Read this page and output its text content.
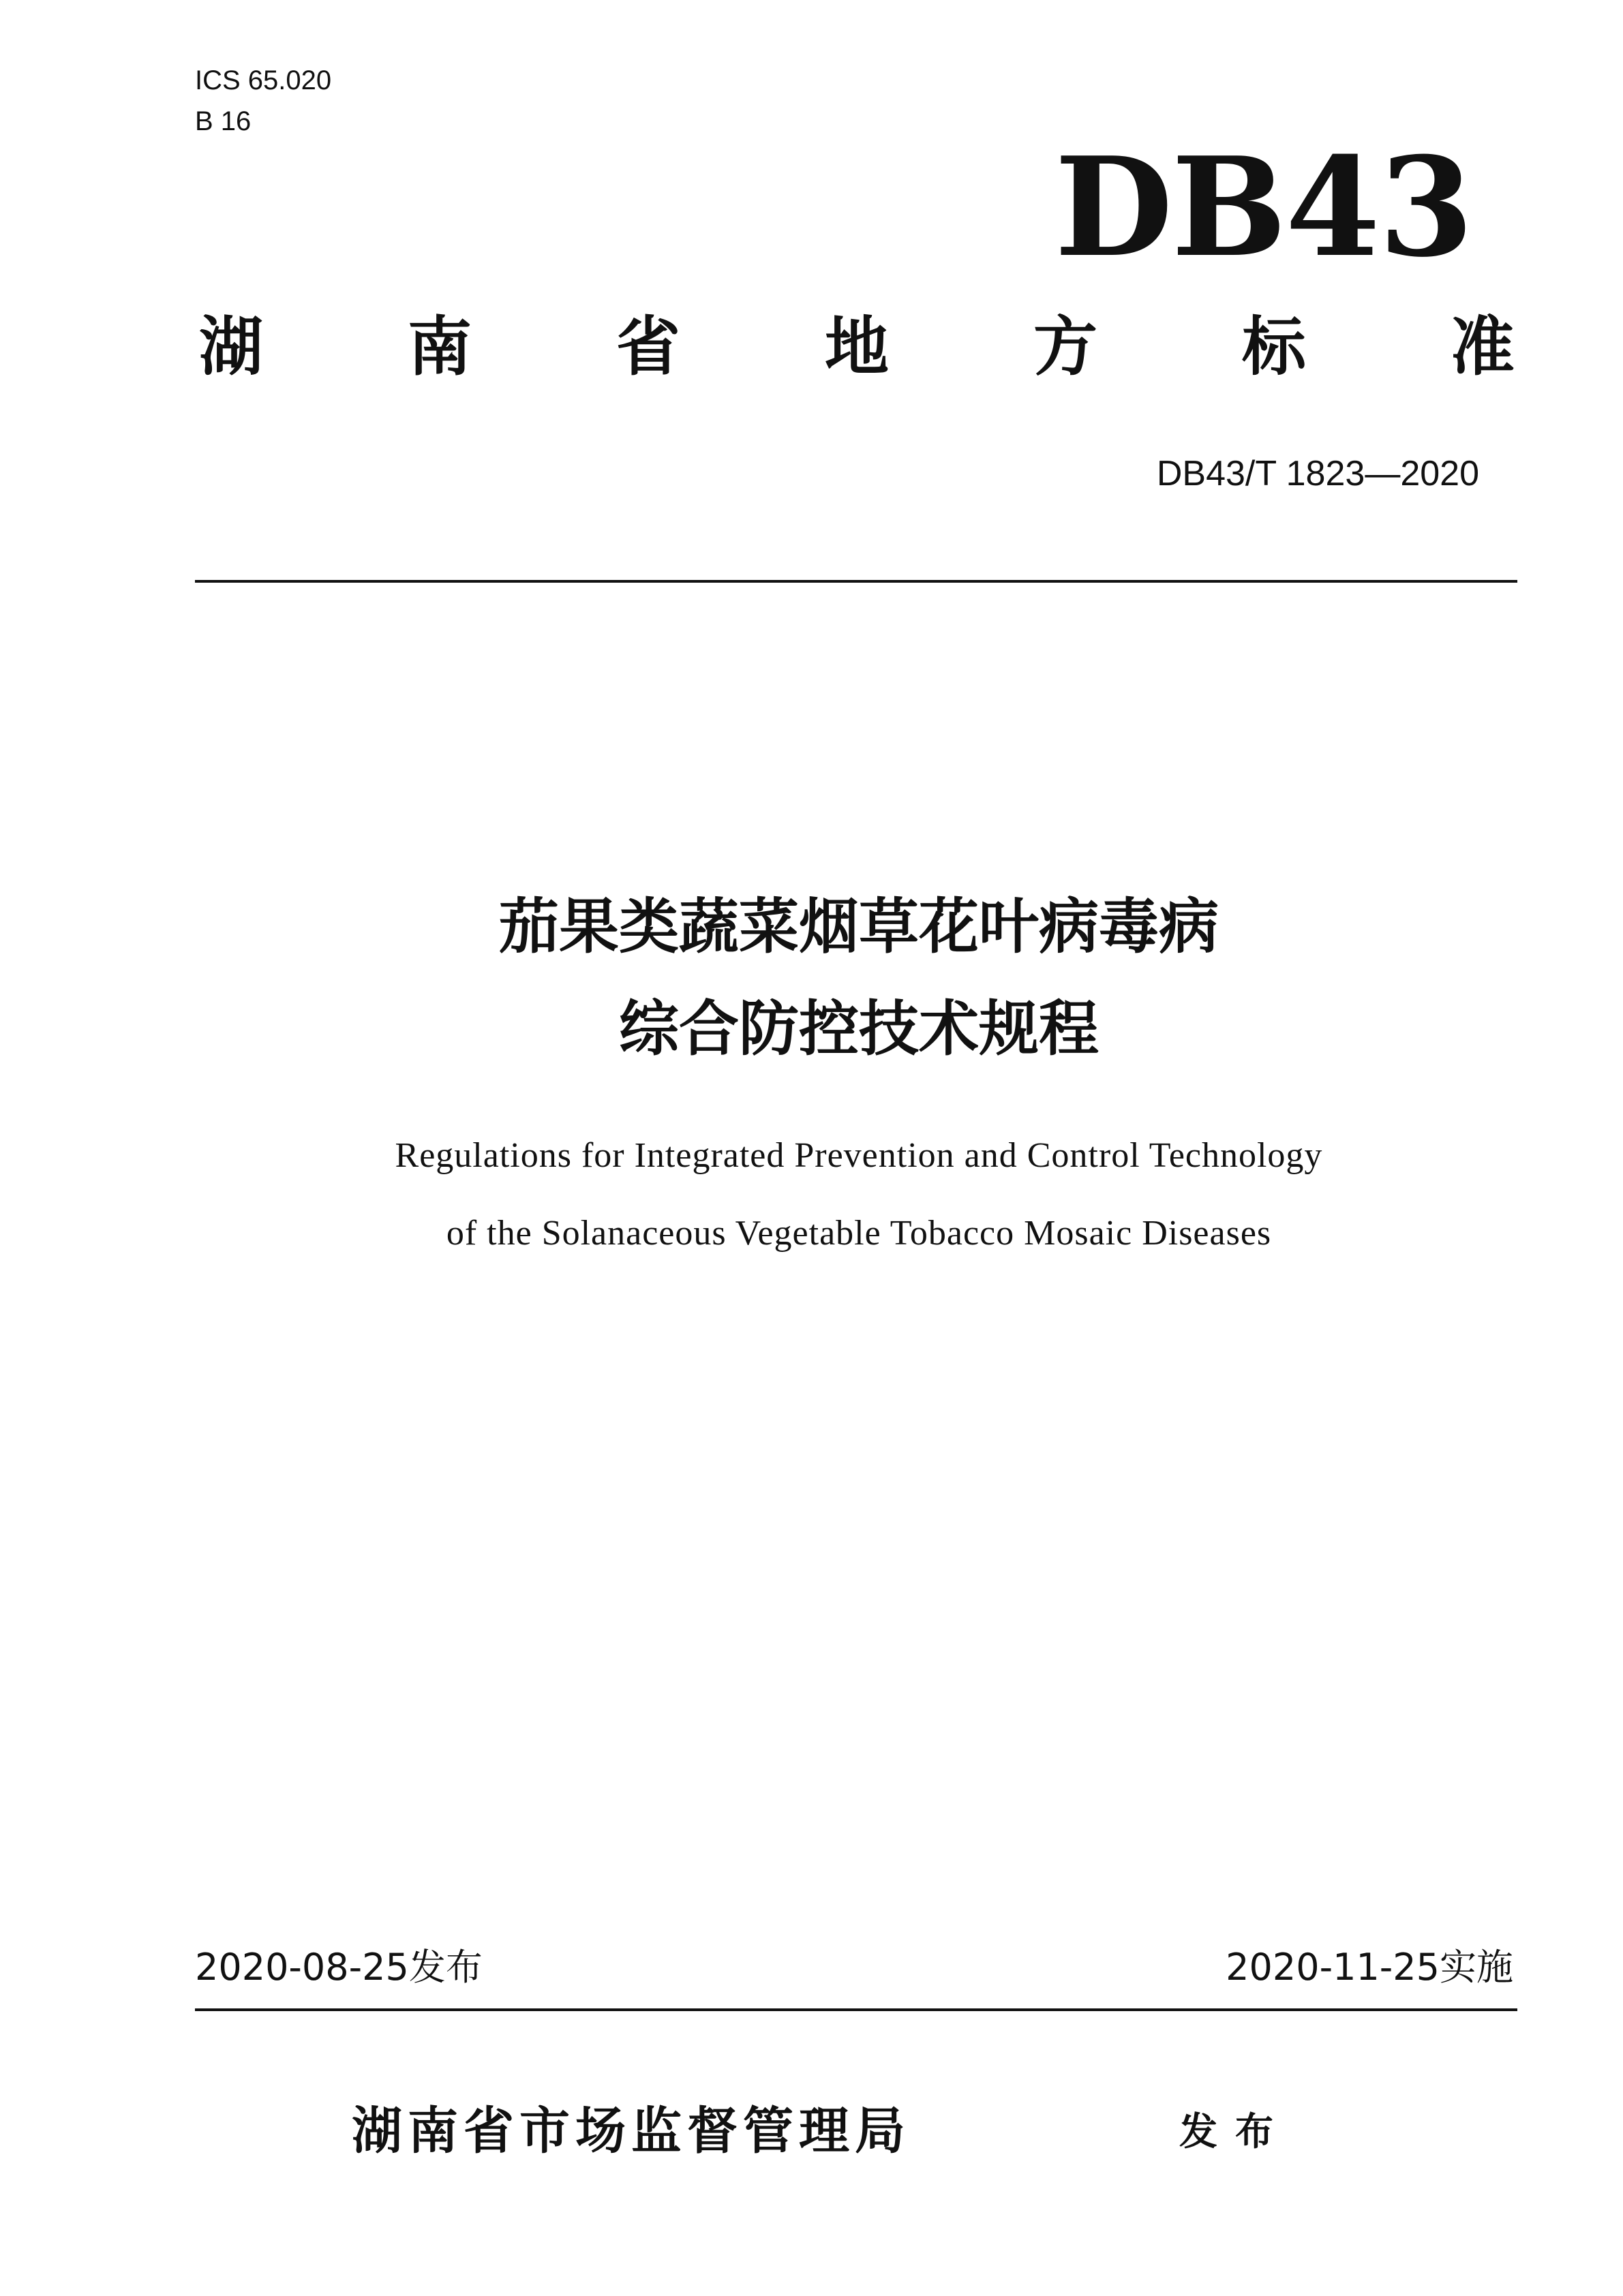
ICS 65.020
B 16
DB43
湖 南 省 地 方 标 准
DB43/T 1823—2020
茄果类蔬菜烟草花叶病毒病
综合防控技术规程
Regulations for Integrated Prevention and Control Technology
of the Solanaceous Vegetable Tobacco Mosaic Diseases
2020-08-25发布	2020-11-25实施
湖南省市场监督管理局	发布
